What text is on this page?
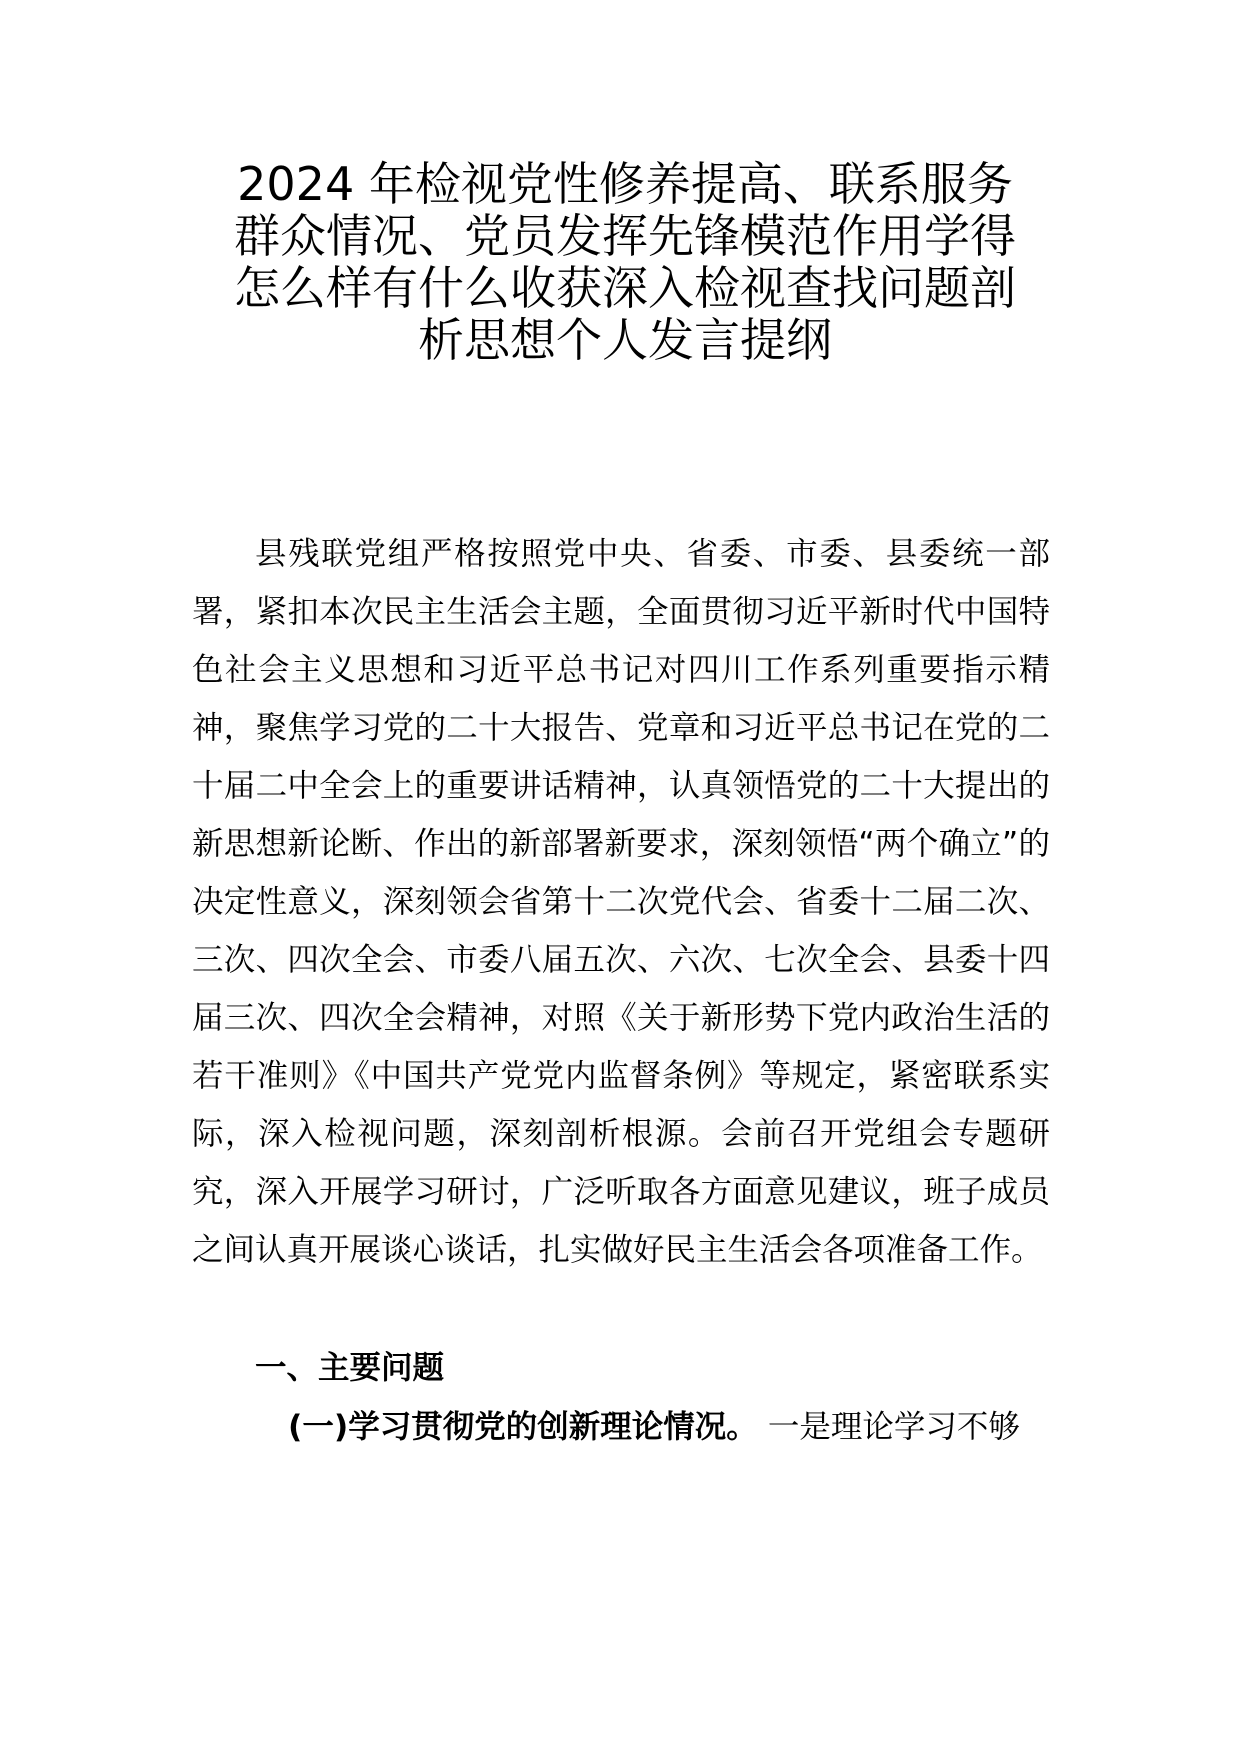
2024 年检视党性修养提高、联系服务
群众情况、党员发挥先锋模范作用学得
怎么样有什么收获深入检视查找问题剖
析思想个人发言提纲

县残联党组严格按照党中央、省委、市委、县委统一部署，紧扣本次民主生活会主题，全面贯彻习近平新时代中国特色社会主义思想和习近平总书记对四川工作系列重要指示精神，聚焦学习党的二十大报告、党章和习近平总书记在党的二十届二中全会上的重要讲话精神，认真领悟党的二十大提出的新思想新论断、作出的新部署新要求，深刻领悟“两个确立”的决定性意义，深刻领会省第十二次党代会、省委十二届二次、三次、四次全会、市委八届五次、六次、七次全会、县委十四届三次、四次全会精神，对照《关于新形势下党内政治生活的若干准则》《中国共产党党内监督条例》等规定，紧密联系实际，深入检视问题，深刻剖析根源。会前召开党组会专题研究，深入开展学习研讨，广泛听取各方面意见建议，班子成员之间认真开展谈心谈话，扎实做好民主生活会各项准备工作。

一、主要问题

(一)学习贯彻党的创新理论情况。 一是理论学习不够
